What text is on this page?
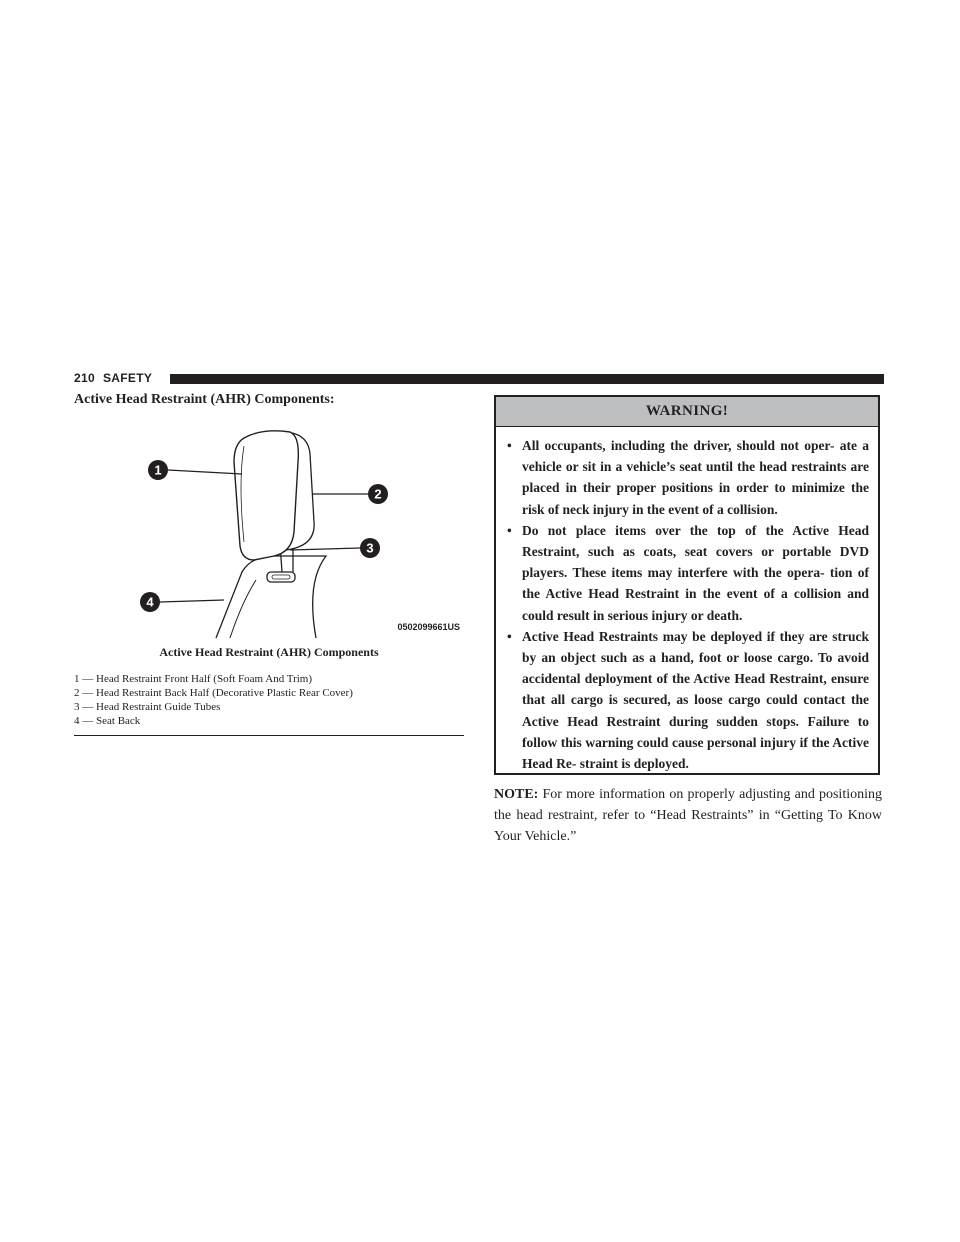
210 SAFETY
Active Head Restraint (AHR) Components:
1
2
3
4
0502099661US
Active Head Restraint (AHR) Components
1 — Head Restraint Front Half (Soft Foam And Trim)
2 — Head Restraint Back Half (Decorative Plastic Rear Cover)
3 — Head Restraint Guide Tubes
4 — Seat Back
WARNING!
• All occupants, including the driver, should not oper- ate a vehicle or sit in a vehicle’s seat until the head restraints are placed in their proper positions in order to minimize the risk of neck injury in the event of a collision.
• Do not place items over the top of the Active Head Restraint, such as coats, seat covers or portable DVD players. These items may interfere with the opera- tion of the Active Head Restraint in the event of a collision and could result in serious injury or death.
• Active Head Restraints may be deployed if they are struck by an object such as a hand, foot or loose cargo. To avoid accidental deployment of the Active Head Restraint, ensure that all cargo is secured, as loose cargo could contact the Active Head Restraint during sudden stops. Failure to follow this warning could cause personal injury if the Active Head Re- straint is deployed.
NOTE: For more information on properly adjusting and positioning the head restraint, refer to “Head Restraints” in “Getting To Know Your Vehicle.”
